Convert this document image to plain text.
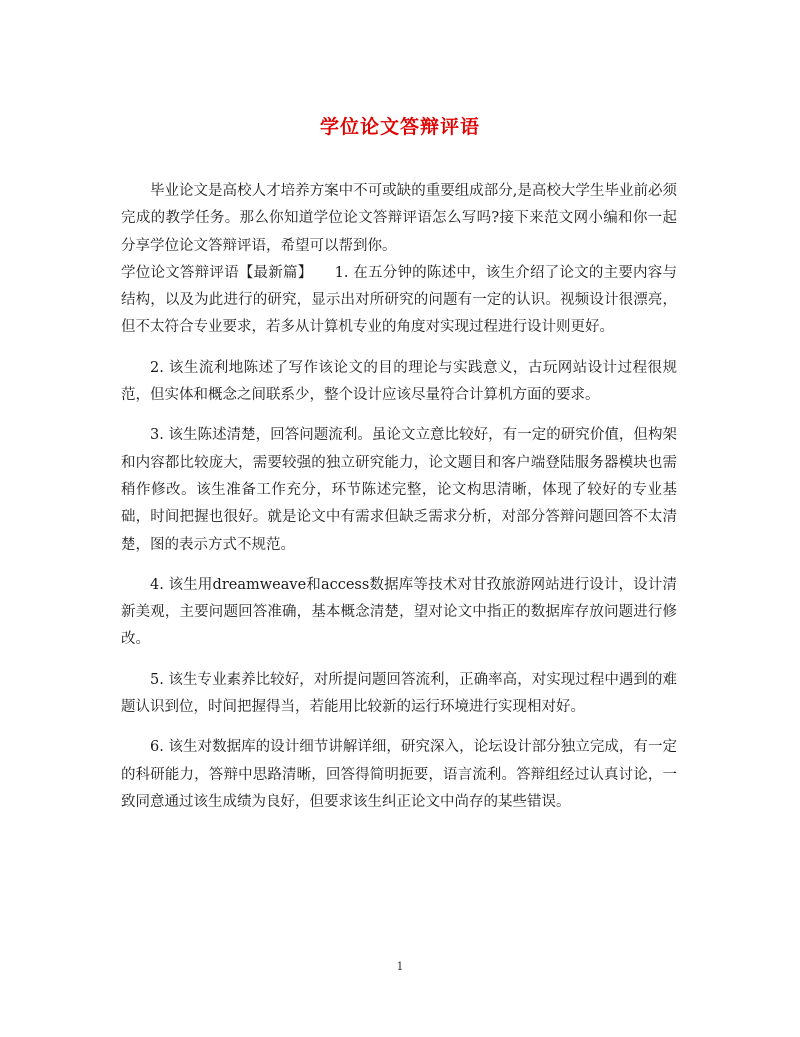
学位论文答辩评语

毕业论文是高校人才培养方案中不可或缺的重要组成部分,是高校大学生毕业前必须完成的教学任务。那么你知道学位论文答辩评语怎么写吗?接下来范文网小编和你一起分享学位论文答辩评语，希望可以帮到你。

学位论文答辩评语【最新篇】　　1. 在五分钟的陈述中，该生介绍了论文的主要内容与结构，以及为此进行的研究，显示出对所研究的问题有一定的认识。视频设计很漂亮，但不太符合专业要求，若多从计算机专业的角度对实现过程进行设计则更好。

2. 该生流利地陈述了写作该论文的目的理论与实践意义，古玩网站设计过程很规范，但实体和概念之间联系少，整个设计应该尽量符合计算机方面的要求。

3. 该生陈述清楚，回答问题流利。虽论文立意比较好，有一定的研究价值，但构架和内容都比较庞大，需要较强的独立研究能力，论文题目和客户端登陆服务器模块也需稍作修改。该生准备工作充分，环节陈述完整，论文构思清晰，体现了较好的专业基础，时间把握也很好。就是论文中有需求但缺乏需求分析，对部分答辩问题回答不太清楚，图的表示方式不规范。

4. 该生用dreamweave和access数据库等技术对甘孜旅游网站进行设计，设计清新美观，主要问题回答准确，基本概念清楚，望对论文中指正的数据库存放问题进行修改。

5. 该生专业素养比较好，对所提问题回答流利，正确率高，对实现过程中遇到的难题认识到位，时间把握得当，若能用比较新的运行环境进行实现相对好。

6. 该生对数据库的设计细节讲解详细，研究深入，论坛设计部分独立完成，有一定的科研能力，答辩中思路清晰，回答得简明扼要，语言流利。答辩组经过认真讨论，一致同意通过该生成绩为良好，但要求该生纠正论文中尚存的某些错误。

1
